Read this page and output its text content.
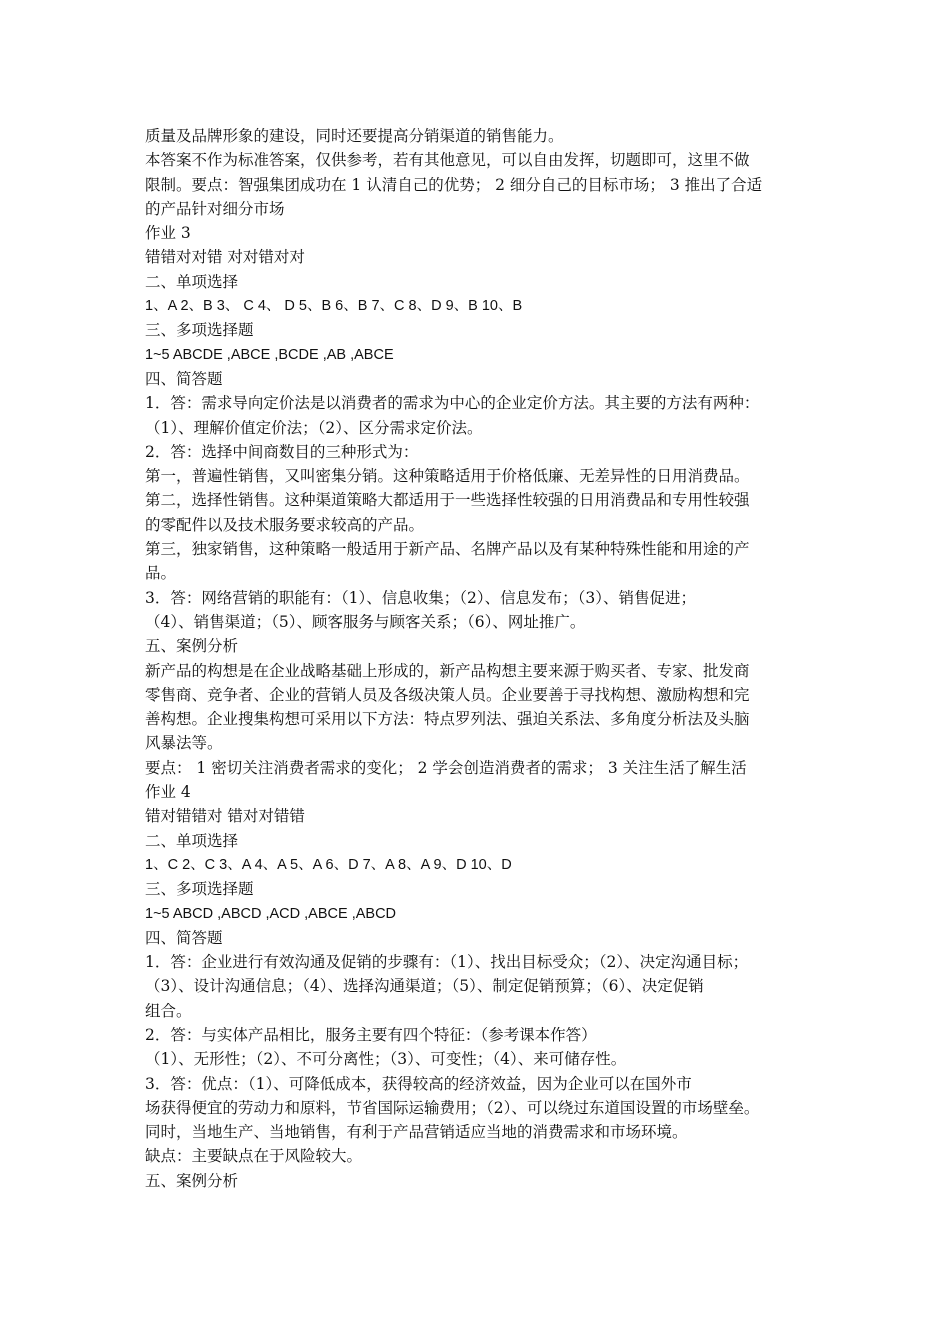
质量及品牌形象的建设，同时还要提高分销渠道的销售能力。
本答案不作为标准答案，仅供参考，若有其他意见，可以自由发挥，切题即可，这里不做
限制。要点：智强集团成功在 1 认清自己的优势； 2 细分自己的目标市场； 3 推出了合适
的产品针对细分市场
作业 3
错错对对错 对对错对对
二、单项选择
1、A 2、B 3、 C 4、 D 5、B 6、B 7、C 8、D 9、B 10、B
三、多项选择题
1~5 ABCDE ,ABCE ,BCDE ,AB ,ABCE
四、简答题
1．答：需求导向定价法是以消费者的需求为中心的企业定价方法。其主要的方法有两种：
（1）、理解价值定价法；（2）、区分需求定价法。
2．答：选择中间商数目的三种形式为：
第一，普遍性销售，又叫密集分销。这种策略适用于价格低廉、无差异性的日用消费品。
第二，选择性销售。这种渠道策略大都适用于一些选择性较强的日用消费品和专用性较强
的零配件以及技术服务要求较高的产品。
第三，独家销售，这种策略一般适用于新产品、名牌产品以及有某种特殊性能和用途的产
品。
3．答：网络营销的职能有：（1）、信息收集；（2）、信息发布；（3）、销售促进；
（4）、销售渠道；（5）、顾客服务与顾客关系；（6）、网址推广。
五、案例分析
新产品的构想是在企业战略基础上形成的，新产品构想主要来源于购买者、专家、批发商
零售商、竞争者、企业的营销人员及各级决策人员。企业要善于寻找构想、激励构想和完
善构想。企业搜集构想可采用以下方法：特点罗列法、强迫关系法、多角度分析法及头脑
风暴法等。
要点： 1 密切关注消费者需求的变化； 2 学会创造消费者的需求； 3 关注生活了解生活
作业 4
错对错错对 错对对错错
二、单项选择
1、C 2、C 3、A 4、A 5、A 6、D 7、A 8、A 9、D 10、D
三、多项选择题
1~5 ABCD ,ABCD ,ACD ,ABCE ,ABCD
四、简答题
1．答：企业进行有效沟通及促销的步骤有：（1）、找出目标受众；（2）、决定沟通目标；
（3）、设计沟通信息；（4）、选择沟通渠道；（5）、制定促销预算；（6）、决定促销
组合。
2．答：与实体产品相比，服务主要有四个特征：（参考课本作答）
（1）、无形性；（2）、不可分离性；（3）、可变性；（4）、来可储存性。
3．答：优点：（1）、可降低成本，获得较高的经济效益，因为企业可以在国外市
场获得便宜的劳动力和原料，节省国际运输费用；（2）、可以绕过东道国设置的市场壁垒。
同时，当地生产、当地销售，有利于产品营销适应当地的消费需求和市场环境。
缺点：主要缺点在于风险较大。
五、案例分析
